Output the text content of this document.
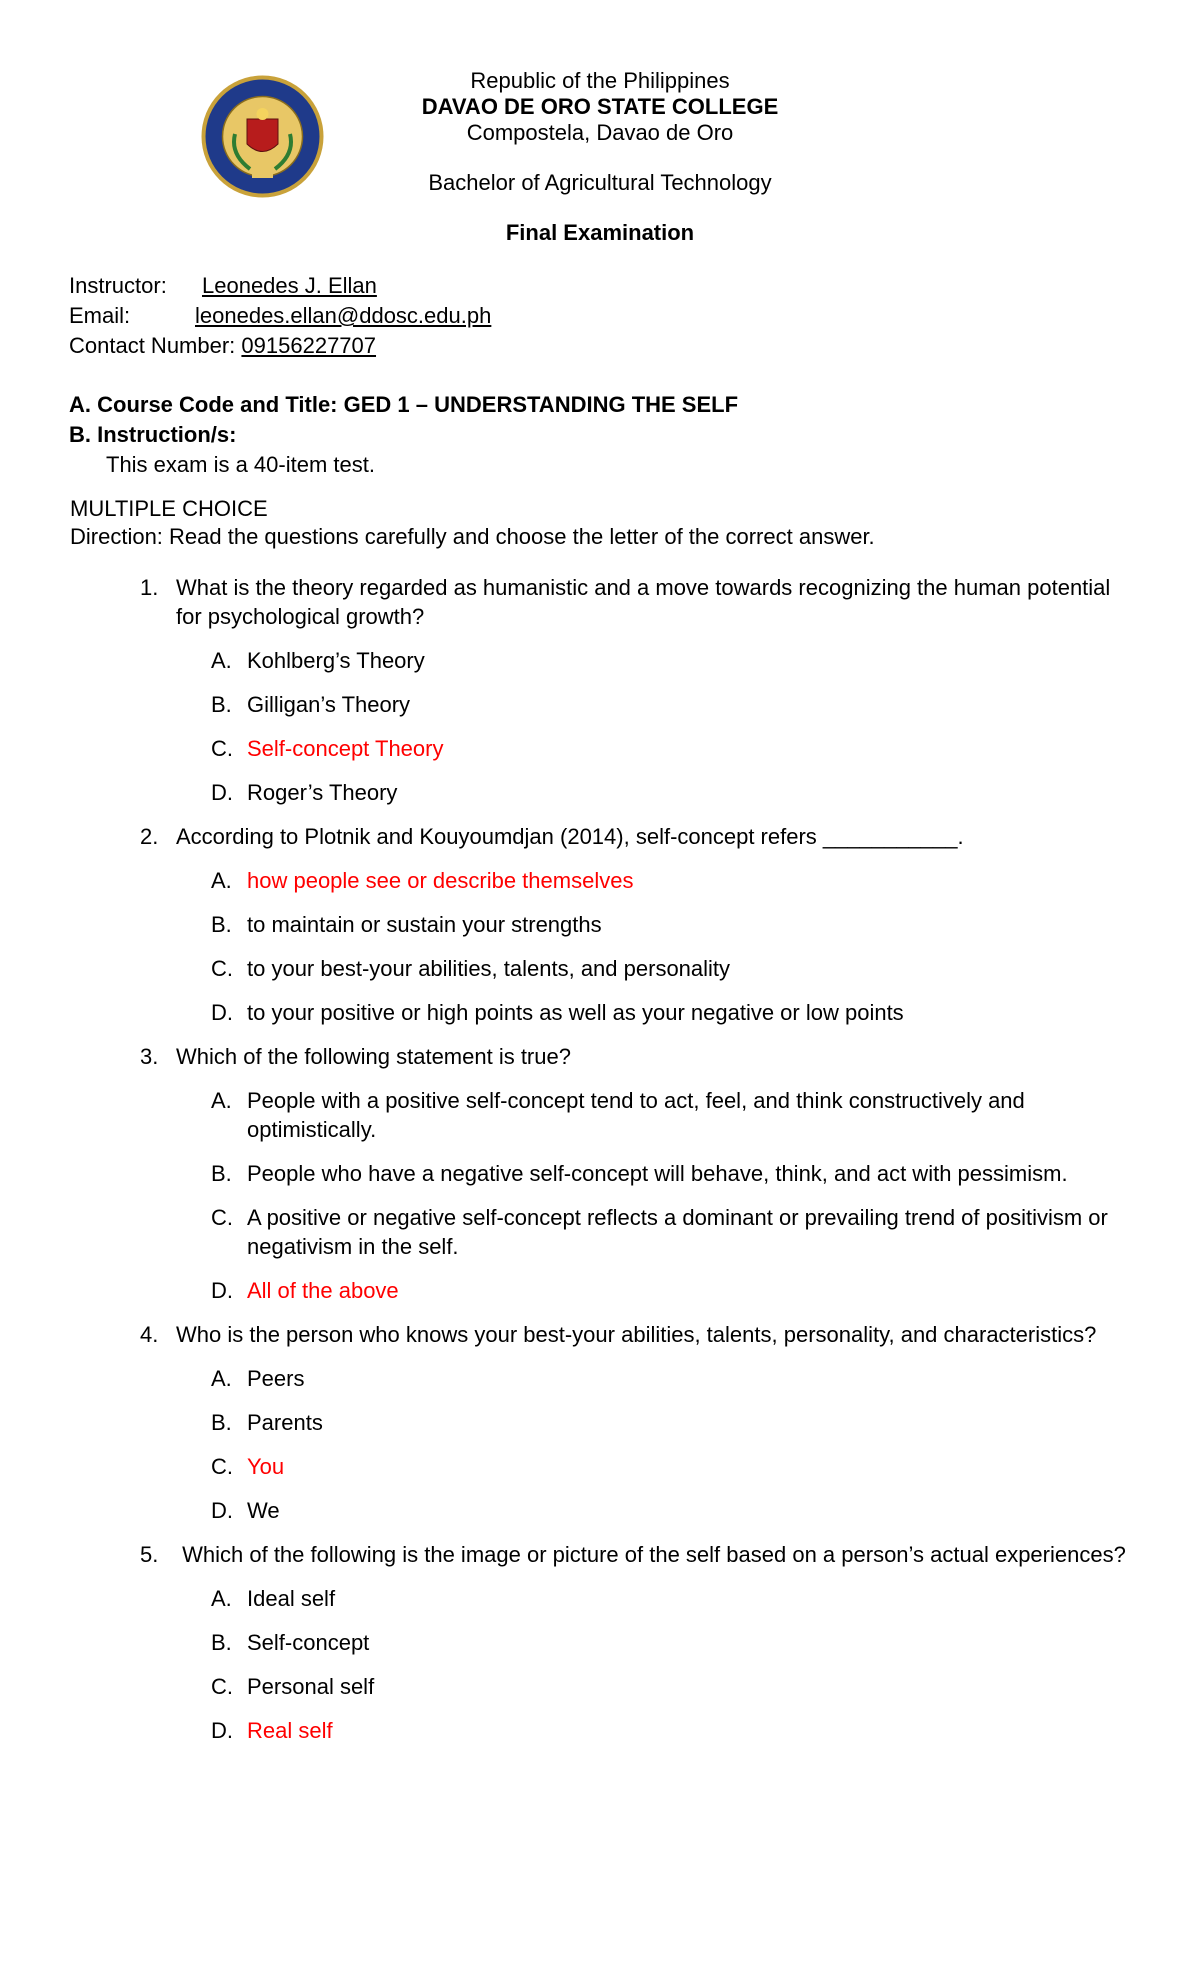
Republic of the Philippines
DAVAO DE ORO STATE COLLEGE
Compostela, Davao de Oro
Bachelor of Agricultural Technology
Final Examination
Instructor: Leonedes J. Ellan
Email:	leonedes.ellan@ddosc.edu.ph
Contact Number: 09156227707
A. Course Code and Title: GED 1 – UNDERSTANDING THE SELF
B. Instruction/s:
This exam is a 40-item test.
MULTIPLE CHOICE
Direction: Read the questions carefully and choose the letter of the correct answer.
1. What is the theory regarded as humanistic and a move towards recognizing the human potential for psychological growth?
A. Kohlberg’s Theory
B. Gilligan’s Theory
C. Self-concept Theory
D. Roger’s Theory
2. According to Plotnik and Kouyoumdjan (2014), self-concept refers ___________.
A. how people see or describe themselves
B. to maintain or sustain your strengths
C. to your best-your abilities, talents, and personality
D. to your positive or high points as well as your negative or low points
3. Which of the following statement is true?
A. People with a positive self-concept tend to act, feel, and think constructively and optimistically.
B. People who have a negative self-concept will behave, think, and act with pessimism.
C. A positive or negative self-concept reflects a dominant or prevailing trend of positivism or negativism in the self.
D. All of the above
4. Who is the person who knows your best-your abilities, talents, personality, and characteristics?
A. Peers
B. Parents
C. You
D. We
5. Which of the following is the image or picture of the self based on a person’s actual experiences?
A. Ideal self
B. Self-concept
C. Personal self
D. Real self
